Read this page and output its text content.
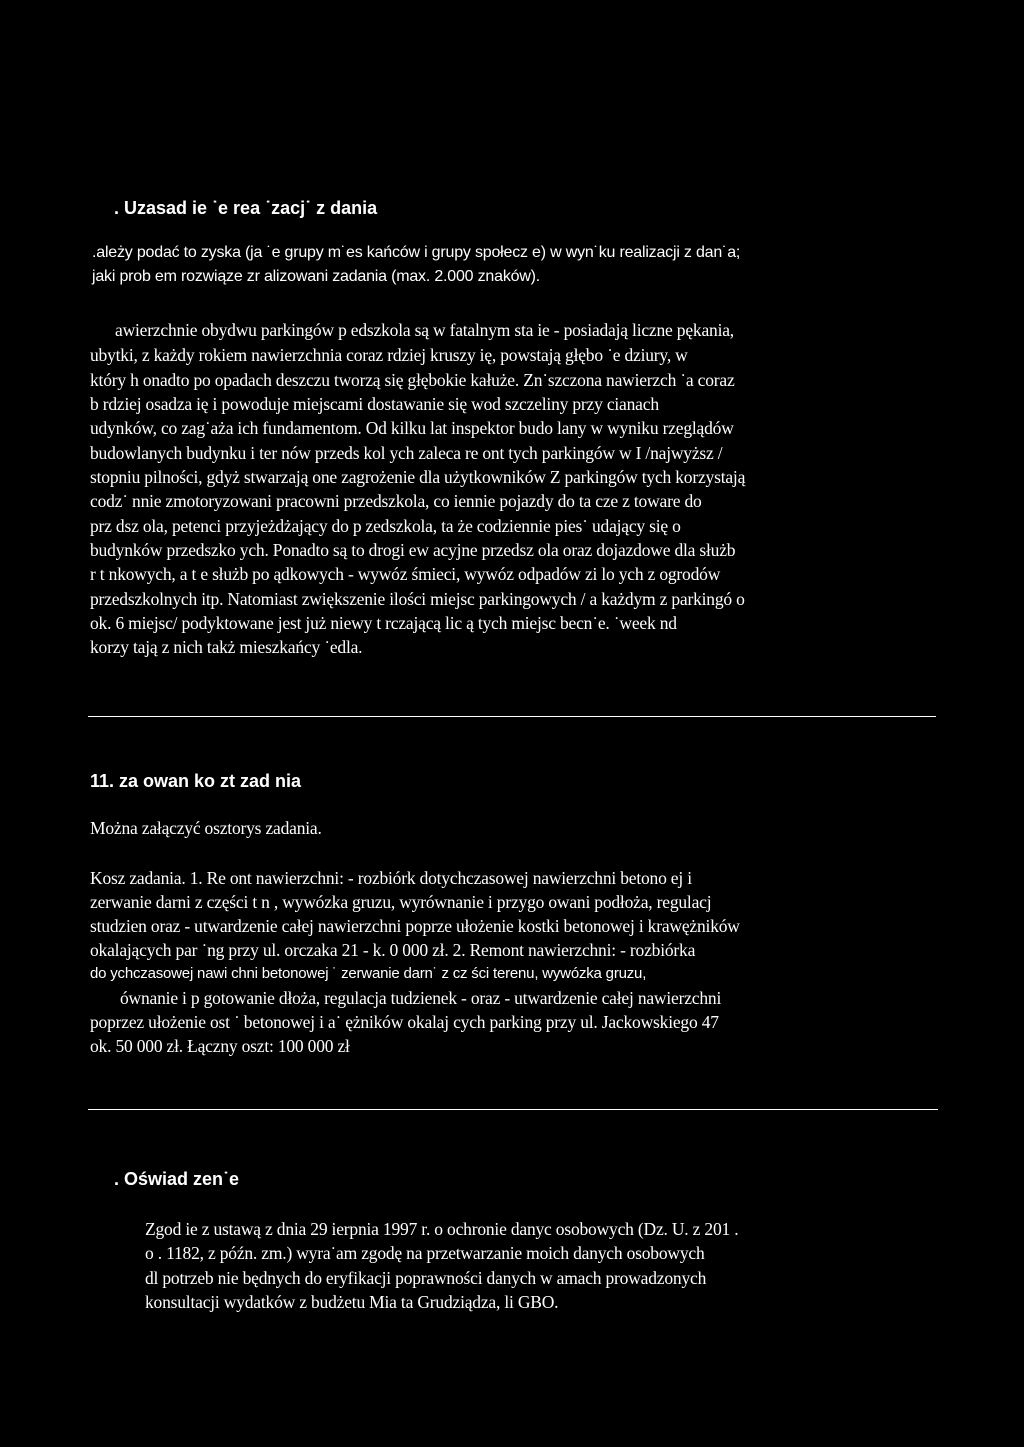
. Uzasad ie ˙e rea ˙zacj˙ z dania

.ależy podać to zyska (ja ˙e grupy m˙es kańców i grupy społecz e) w wyn˙ku realizacji z dan˙a;

jaki prob em rozwiąze zr alizowani zadania (max. 2.000 znaków).

awierzchnie obydwu parkingów p edszkola są w fatalnym sta ie - posiadają liczne pękania,

ubytki, z każdy rokiem nawierzchnia coraz rdziej kruszy ię, powstają głębo ˙e dziury, w

który h onadto po opadach deszczu tworzą się głębokie kałuże. Zn˙szczona nawierzch ˙a coraz

b rdziej osadza ię i powoduje miejscami dostawanie się wod szczeliny przy cianach

udynków, co zag˙aża ich fundamentom. Od kilku lat inspektor budo lany w wyniku rzeglądów

budowlanych budynku i ter nów przeds kol ych zaleca re ont tych parkingów w I /najwyższ /

stopniu pilności, gdyż stwarzają one zagrożenie dla użytkowników Z parkingów tych korzystają

codz˙ nnie zmotoryzowani pracowni przedszkola, co iennie pojazdy do ta cze z toware do

prz dsz ola, petenci przyjeżdżający do p zedszkola, ta że codziennie pies˙ udający się o

budynków przedszko ych. Ponadto są to drogi ew acyjne przedsz ola oraz dojazdowe dla służb

r t nkowych, a t e służb po ądkowych - wywóz śmieci, wywóz odpadów zi lo ych z ogrodów

przedszkolnych itp. Natomiast zwiększenie ilości miejsc parkingowych / a każdym z parkingó o

ok. 6 miejsc/ podyktowane jest już niewy t rczającą lic ą tych miejsc becn˙e. ˙week nd

korzy tają z nich takż mieszkańcy ˙edla.

11. za owan ko zt zad nia

Można załączyć osztorys zadania.

Kosz zadania. 1. Re ont nawierzchni: - rozbiórk dotychczasowej nawierzchni betono ej i

zerwanie darni z części t n , wywózka gruzu, wyrównanie i przygo owani podłoża, regulacj

studzien oraz - utwardzenie całej nawierzchni poprze ułożenie kostki betonowej i krawężników

okalających par ˙ng przy ul. orczaka 21 - k. 0 000 zł. 2. Remont nawierzchni: - rozbiórka

do ychczasowej nawi chni betonowej ˙ zerwanie darn˙ z cz ści terenu, wywózka gruzu,

ównanie i p gotowanie dłoża, regulacja tudzienek - oraz - utwardzenie całej nawierzchni

poprzez ułożenie ost ˙ betonowej i a˙ ężników okalaj cych parking przy ul. Jackowskiego 47

ok. 50 000 zł. Łączny oszt: 100 000 zł

. Oświad zen˙e

Zgod ie z ustawą z dnia 29 ierpnia 1997 r. o ochronie danyc osobowych (Dz. U. z 201 .

o . 1182, z późn. zm.) wyra˙am zgodę na przetwarzanie moich danych osobowych

dl potrzeb nie będnych do eryfikacji poprawności danych w amach prowadzonych

konsultacji wydatków z budżetu Mia ta Grudziądza, li GBO.
